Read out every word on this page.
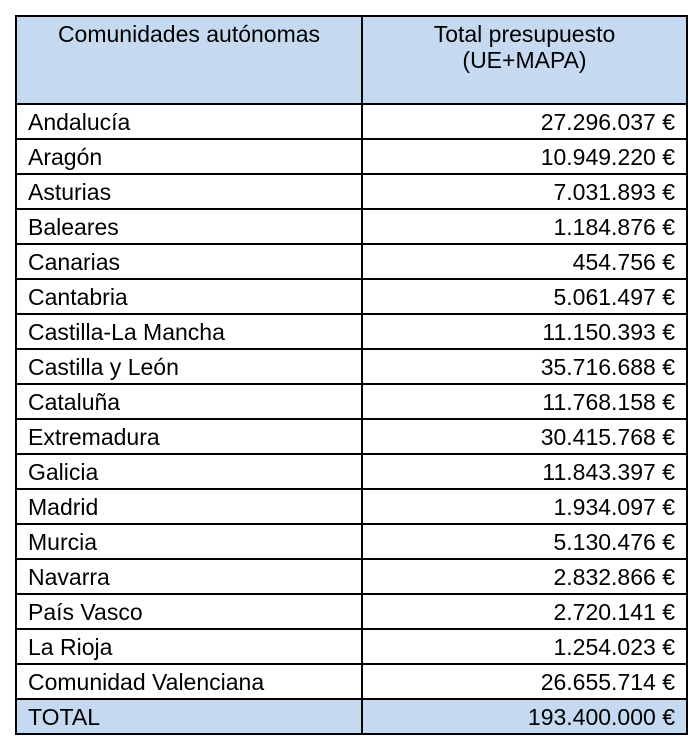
Comunidades autónomas	Total presupuesto
(UE+MAPA)

Andalucía	27.296.037 €
Aragón	10.949.220 €
Asturias	7.031.893 €
Baleares	1.184.876 €
Canarias	454.756 €
Cantabria	5.061.497 €
Castilla-La Mancha	11.150.393 €
Castilla y León	35.716.688 €
Cataluña	11.768.158 €
Extremadura	30.415.768 €
Galicia	11.843.397 €
Madrid	1.934.097 €
Murcia	5.130.476 €
Navarra	2.832.866 €
País Vasco	2.720.141 €
La Rioja	1.254.023 €
Comunidad Valenciana	26.655.714 €
TOTAL	193.400.000 €
